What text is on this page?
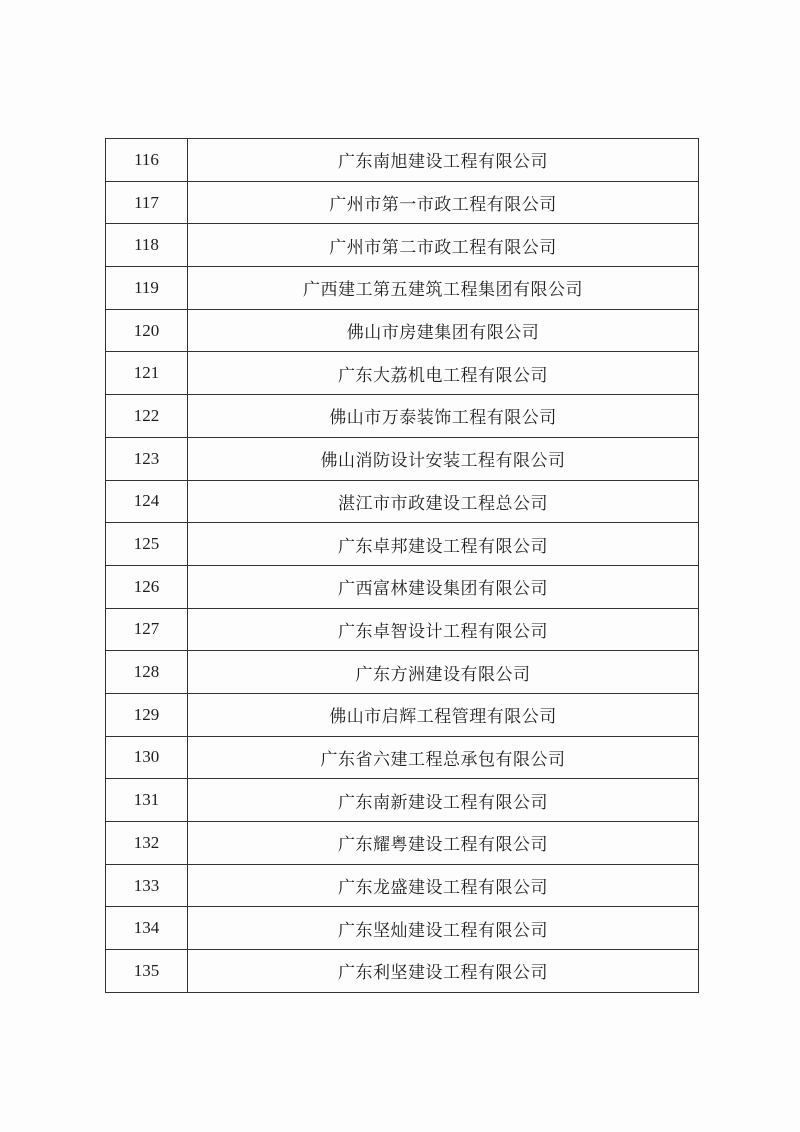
116	广东南旭建设工程有限公司
117	广州市第一市政工程有限公司
118	广州市第二市政工程有限公司
119	广西建工第五建筑工程集团有限公司
120	佛山市房建集团有限公司
121	广东大荔机电工程有限公司
122	佛山市万泰装饰工程有限公司
123	佛山消防设计安装工程有限公司
124	湛江市市政建设工程总公司
125	广东卓邦建设工程有限公司
126	广西富林建设集团有限公司
127	广东卓智设计工程有限公司
128	广东方洲建设有限公司
129	佛山市启辉工程管理有限公司
130	广东省六建工程总承包有限公司
131	广东南新建设工程有限公司
132	广东耀粤建设工程有限公司
133	广东龙盛建设工程有限公司
134	广东坚灿建设工程有限公司
135	广东利坚建设工程有限公司
